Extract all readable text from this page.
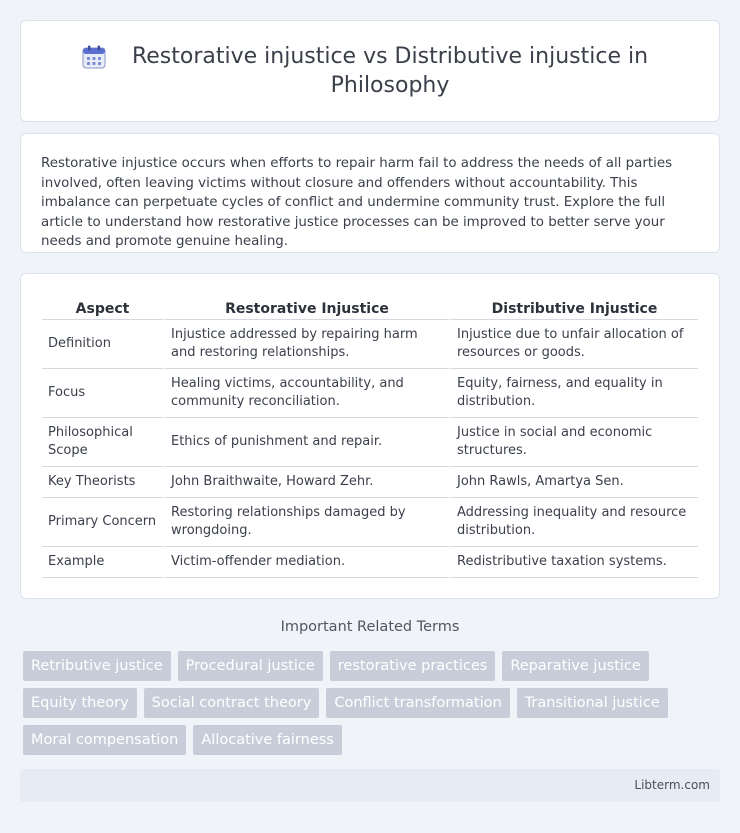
Restorative injustice vs Distributive injustice in Philosophy

Restorative injustice occurs when efforts to repair harm fail to address the needs of all parties involved, often leaving victims without closure and offenders without accountability. This imbalance can perpetuate cycles of conflict and undermine community trust. Explore the full article to understand how restorative justice processes can be improved to better serve your needs and promote genuine healing.

Aspect	Restorative Injustice	Distributive Injustice
Definition	Injustice addressed by repairing harm and restoring relationships.	Injustice due to unfair allocation of resources or goods.
Focus	Healing victims, accountability, and community reconciliation.	Equity, fairness, and equality in distribution.
Philosophical Scope	Ethics of punishment and repair.	Justice in social and economic structures.
Key Theorists	John Braithwaite, Howard Zehr.	John Rawls, Amartya Sen.
Primary Concern	Restoring relationships damaged by wrongdoing.	Addressing inequality and resource distribution.
Example	Victim-offender mediation.	Redistributive taxation systems.
Important Related Terms
Retributive justice	Procedural justice	restorative practices	Reparative justice
Equity theory	Social contract theory	Conflict transformation	Transitional justice
Moral compensation	Allocative fairness
Libterm.com
